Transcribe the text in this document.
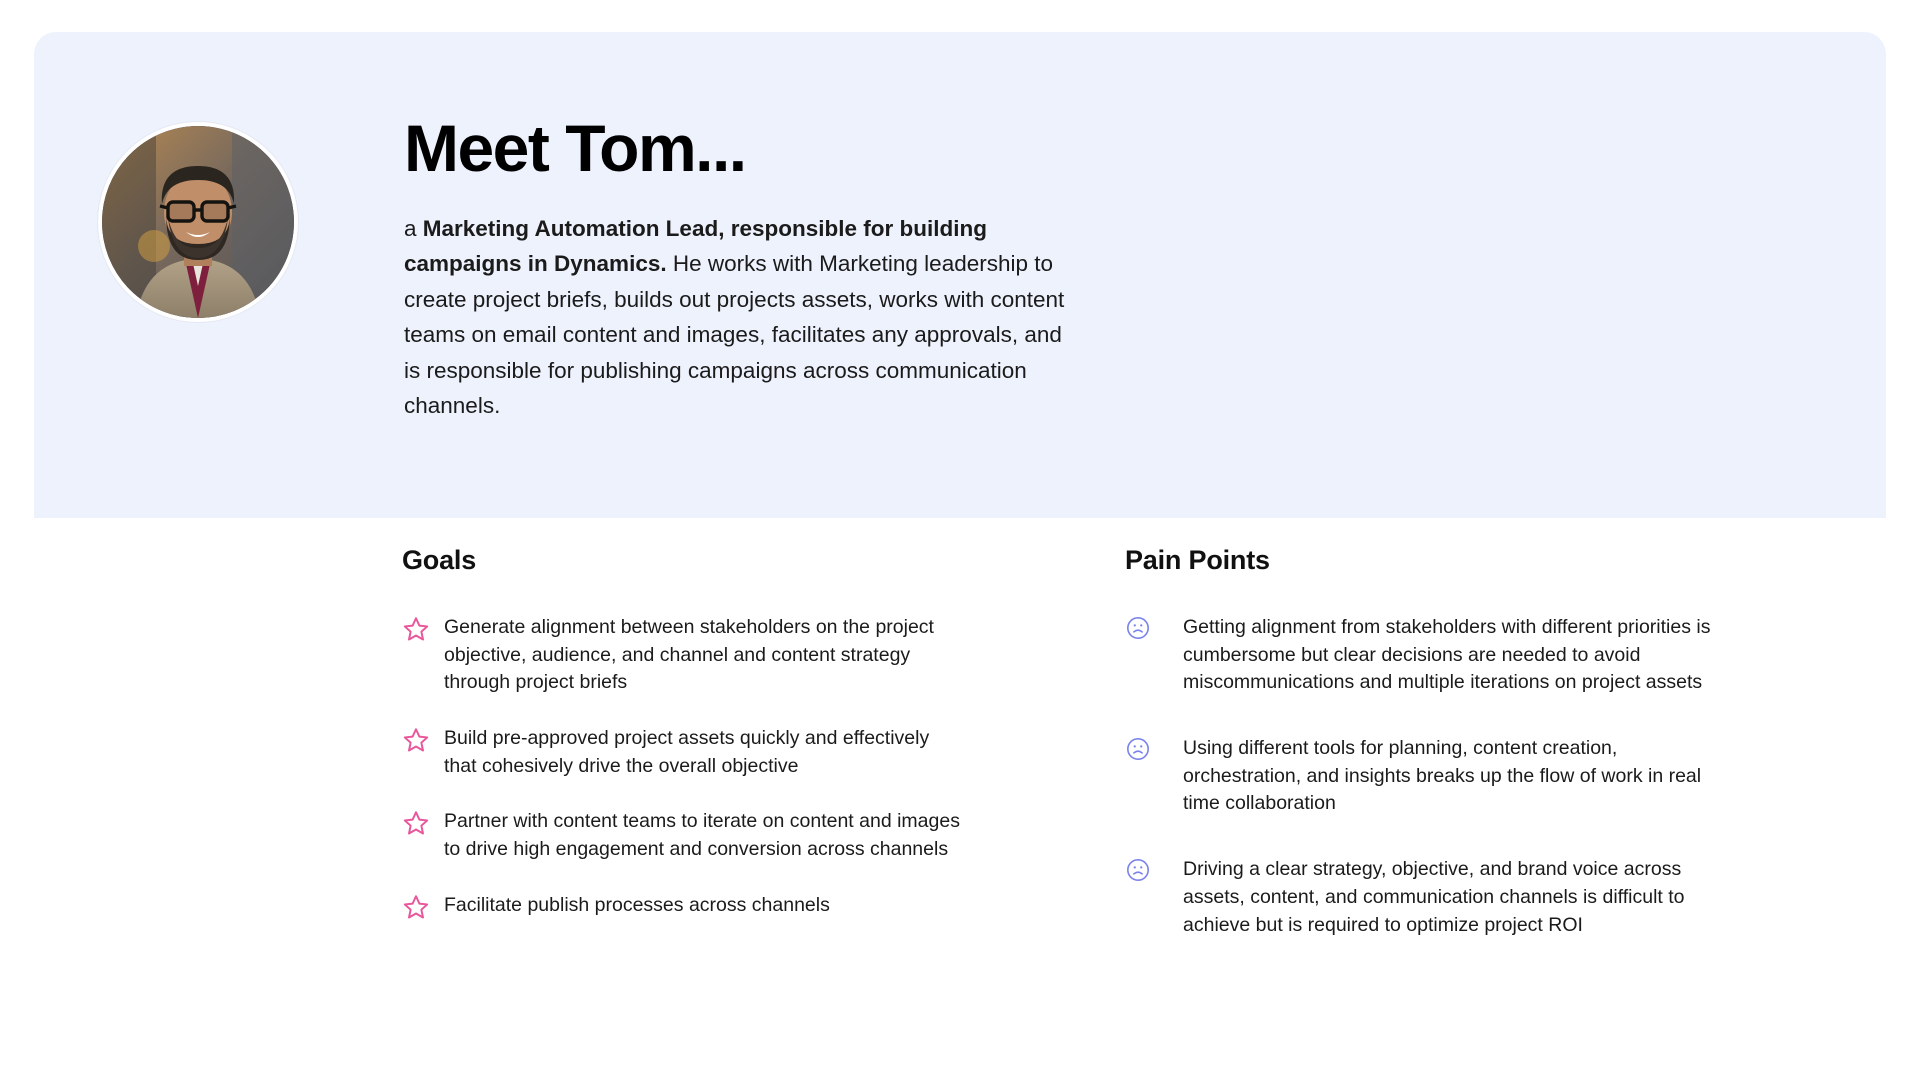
Meet Tom...

a Marketing Automation Lead, responsible for building campaigns in Dynamics. He works with Marketing leadership to create project briefs, builds out projects assets, works with content teams on email content and images, facilitates any approvals, and is responsible for publishing campaigns across communication channels.

Goals
Generate alignment between stakeholders on the project objective, audience, and channel and content strategy through project briefs
Build pre-approved project assets quickly and effectively that cohesively drive the overall objective
Partner with content teams to iterate on content and images to drive high engagement and conversion across channels
Facilitate publish processes across channels
Pain Points
Getting alignment from stakeholders with different priorities is cumbersome but clear decisions are needed to avoid miscommunications and multiple iterations on project assets
Using different tools for planning, content creation, orchestration, and insights breaks up the flow of work in real time collaboration
Driving a clear strategy, objective, and brand voice across assets, content, and communication channels is difficult to achieve but is required to optimize project ROI
